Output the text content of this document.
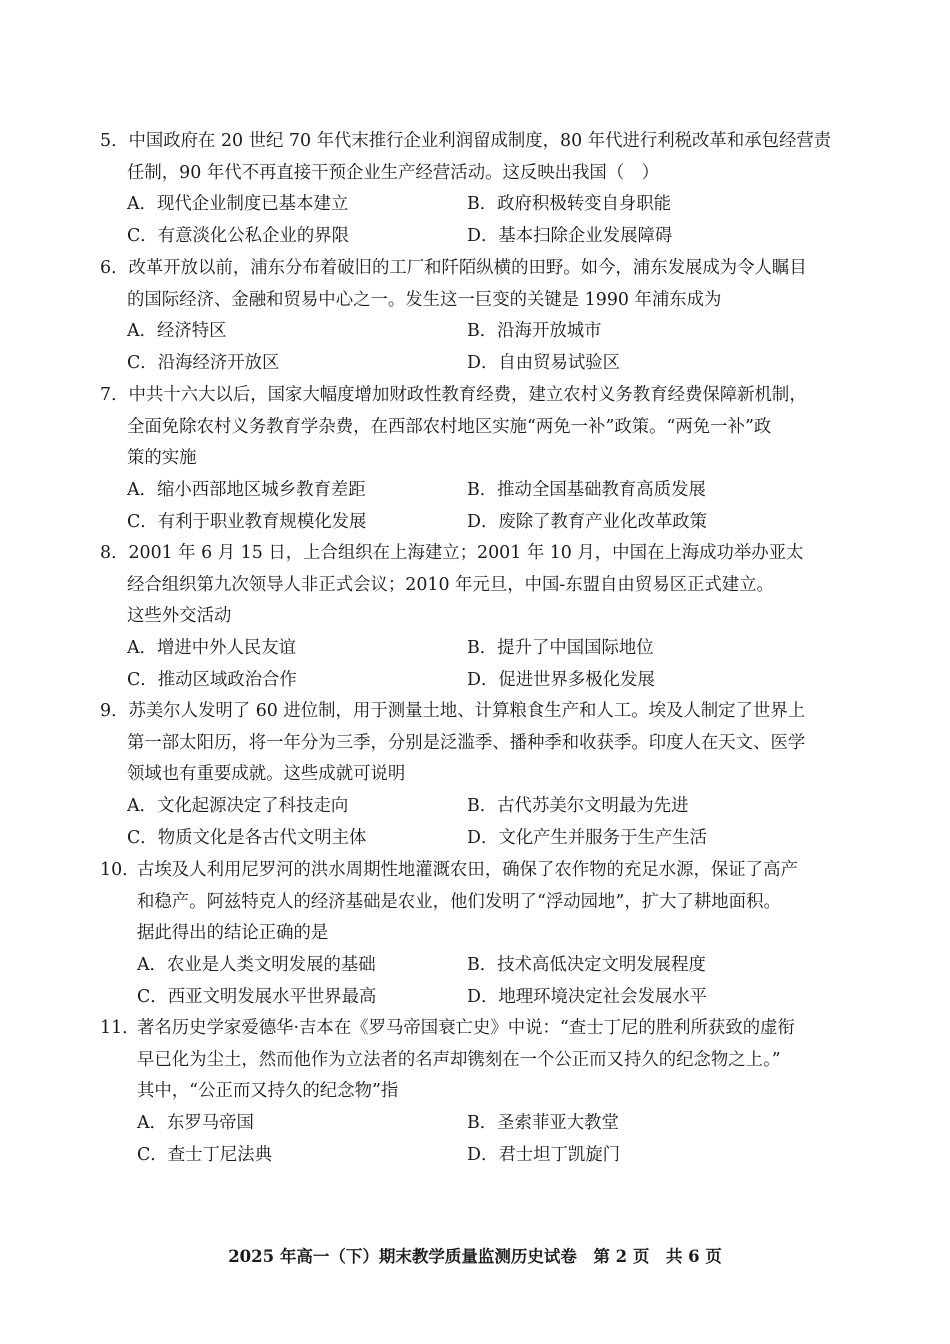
5． 中国政府在 20 世纪 70 年代末推行企业利润留成制度，80 年代进行利税改革和承包经营责
任制，90 年代不再直接干预企业生产经营活动。这反映出我国（　）
A．现代企业制度已基本建立	B．政府积极转变自身职能
C．有意淡化公私企业的界限	D．基本扫除企业发展障碍
6． 改革开放以前，浦东分布着破旧的工厂和阡陌纵横的田野。如今，浦东发展成为令人瞩目
的国际经济、金融和贸易中心之一。发生这一巨变的关键是 1990 年浦东成为
A．经济特区	B．沿海开放城市
C．沿海经济开放区	D．自由贸易试验区
7． 中共十六大以后，国家大幅度增加财政性教育经费，建立农村义务教育经费保障新机制，
全面免除农村义务教育学杂费，在西部农村地区实施“两免一补”政策。“两免一补”政
策的实施
A．缩小西部地区城乡教育差距	B．推动全国基础教育高质发展
C．有利于职业教育规模化发展	D．废除了教育产业化改革政策
8． 2001 年 6 月 15 日，上合组织在上海建立；2001 年 10 月，中国在上海成功举办亚太
经合组织第九次领导人非正式会议；2010 年元旦，中国-东盟自由贸易区正式建立。
这些外交活动
A．增进中外人民友谊	B．提升了中国国际地位
C．推动区域政治合作	D．促进世界多极化发展
9． 苏美尔人发明了 60 进位制，用于测量土地、计算粮食生产和人工。埃及人制定了世界上
第一部太阳历，将一年分为三季，分别是泛滥季、播种季和收获季。印度人在天文、医学
领域也有重要成就。这些成就可说明
A．文化起源决定了科技走向	B．古代苏美尔文明最为先进
C．物质文化是各古代文明主体	D．文化产生并服务于生产生活
10．
古埃及人利用尼罗河的洪水周期性地灌溉农田，确保了农作物的充足水源，保证了高产
和稳产。阿兹特克人的经济基础是农业，他们发明了“浮动园地”，扩大了耕地面积。
据此得出的结论正确的是
A．农业是人类文明发展的基础	B．技术高低决定文明发展程度
C．西亚文明发展水平世界最高	D．地理环境决定社会发展水平
11．
著名历史学家爱德华·吉本在《罗马帝国衰亡史》中说：“查士丁尼的胜利所获致的虚衔
早已化为尘土，然而他作为立法者的名声却镌刻在一个公正而又持久的纪念物之上。”
其中，“公正而又持久的纪念物”指
A．东罗马帝国	B．圣索菲亚大教堂
C．查士丁尼法典	D．君士坦丁凯旋门
2025 年高一（下）期末教学质量监测历史试卷　第 2 页　共 6 页
